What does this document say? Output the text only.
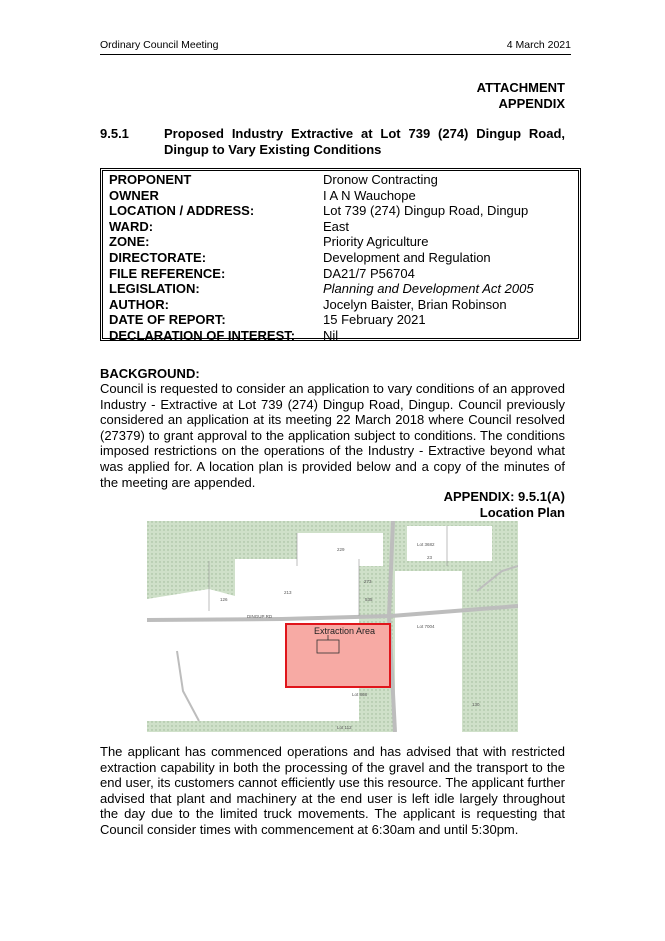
Ordinary Council Meeting	4 March 2021
ATTACHMENT
APPENDIX
9.5.1	Proposed Industry Extractive at Lot 739 (274) Dingup Road, Dingup to Vary Existing Conditions
PROPONENT	Dronow Contracting
OWNER	I A N Wauchope
LOCATION / ADDRESS:	Lot 739 (274) Dingup Road, Dingup
WARD:	East
ZONE:	Priority Agriculture
DIRECTORATE:	Development and Regulation
FILE REFERENCE:	DA21/7 P56704
LEGISLATION:	Planning and Development Act 2005
AUTHOR:	Jocelyn Baister, Brian Robinson
DATE OF REPORT:	15 February 2021
DECLARATION OF INTEREST: Nil
BACKGROUND:
Council is requested to consider an application to vary conditions of an approved Industry - Extractive at Lot 739 (274) Dingup Road, Dingup. Council previously considered an application at its meeting 22 March 2018 where Council resolved (27379) to grant approval to the application subject to conditions. The conditions imposed restrictions on the operations of the Industry - Extractive beyond what was applied for. A location plan is provided below and a copy of the minutes of the meeting are appended.
APPENDIX: 9.5.1(A)
Location Plan
Extraction Area
DINGUP RD
229
Lot 3682
23
213
273
535
Lot 7004
126
Lot 868
130
Lot 112
The applicant has commenced operations and has advised that with restricted extraction capability in both the processing of the gravel and the transport to the end user, its customers cannot efficiently use this resource. The applicant further advised that plant and machinery at the end user is left idle largely throughout the day due to the limited truck movements. The applicant is requesting that Council consider times with commencement at 6:30am and until 5:30pm.
